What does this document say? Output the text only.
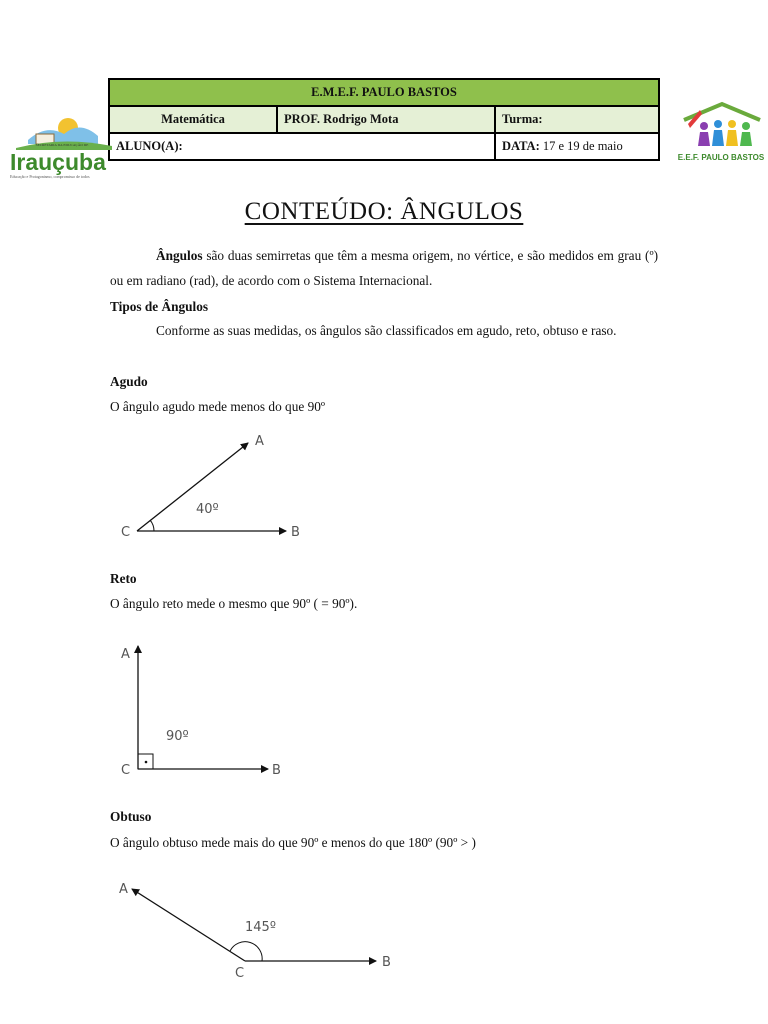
E.M.E.F. PAULO BASTOS		
Matemática	PROF. Rodrigo Mota	Turma:
ALUNO(A):		DATA: 17 e 19 de maio
SECRETARIA DA EDUCAÇÃO DE
Irauçuba
Educação e Protagonismo, compromisso de todos
E.E.F. PAULO BASTOS
CONTEÚDO: ÂNGULOS
Ângulos são duas semirretas que têm a mesma origem, no vértice, e são medidos em grau (º) ou em radiano (rad), de acordo com o Sistema Internacional.
Tipos de Ângulos
Conforme as suas medidas, os ângulos são classificados em agudo, reto, obtuso e raso.
Agudo
O ângulo agudo mede menos do que 90º
A
B
C
40º
A
B
C
90º
A
B
C
145º
Reto
O ângulo reto mede o mesmo que 90º ( = 90º).
Obtuso
O ângulo obtuso mede mais do que 90º e menos do que 180º (90º > )
